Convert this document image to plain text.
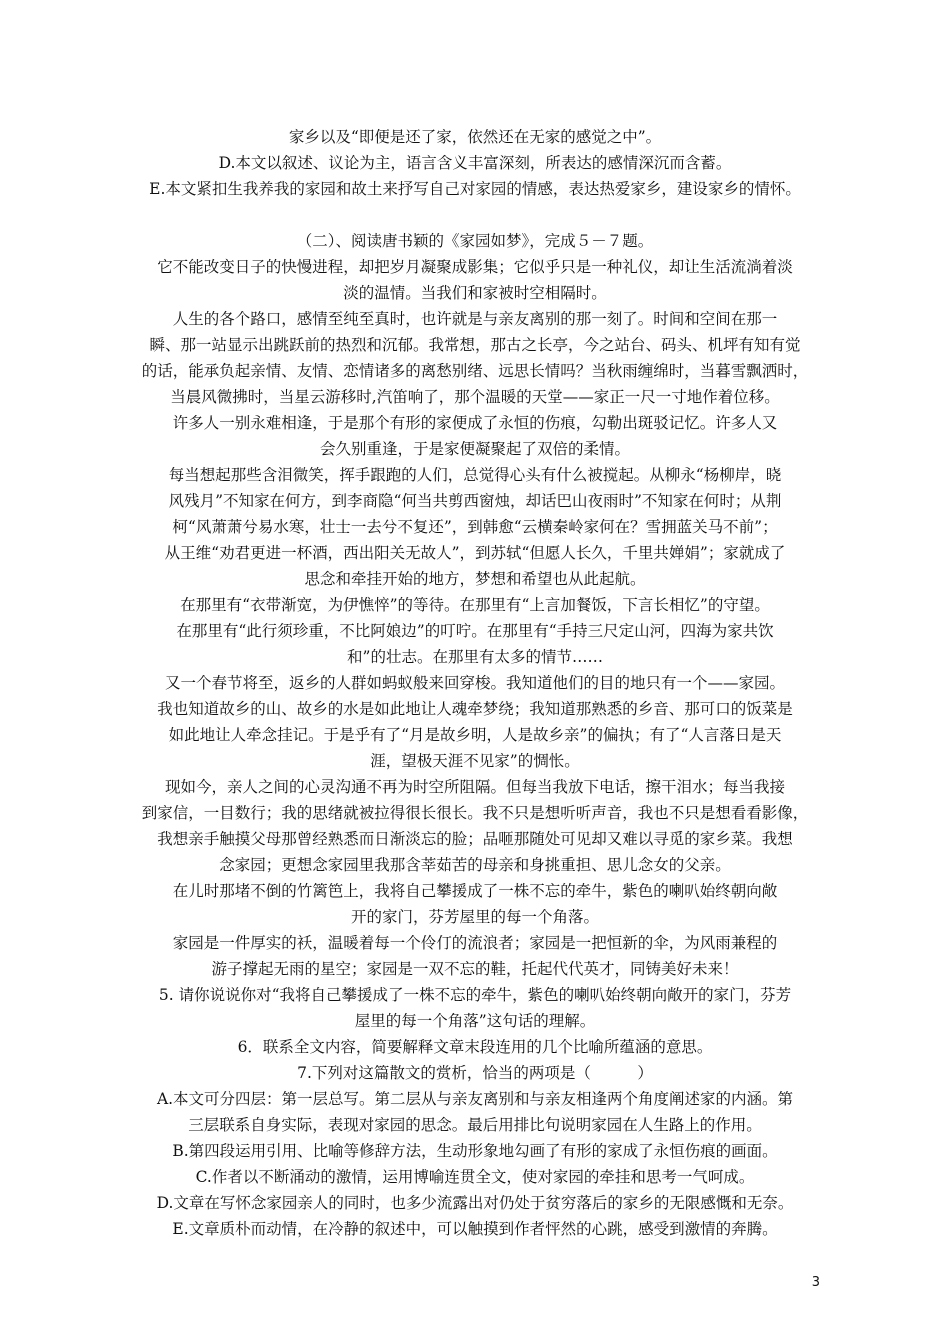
家乡以及“即便是还了家，依然还在无家的感觉之中”。
D.本文以叙述、议论为主，语言含义丰富深刻，所表达的感情深沉而含蓄。
E.本文紧扣生我养我的家园和故土来抒写自己对家园的情感，表达热爱家乡，建设家乡的情怀。
（二）、阅读唐书颖的《家园如梦》，完成５－７题。
它不能改变日子的快慢进程，却把岁月凝聚成影集；它似乎只是一种礼仪，却让生活流淌着淡
淡的温情。当我们和家被时空相隔时。
人生的各个路口，感情至纯至真时，也许就是与亲友离别的那一刻了。时间和空间在那一
瞬、那一站显示出跳跃前的热烈和沉郁。我常想，那古之长亭，今之站台、码头、机坪有知有觉
的话，能承负起亲情、友情、恋情诸多的离愁别绪、远思长情吗？当秋雨缠绵时，当暮雪飘洒时，
当晨风微拂时，当星云游移时,汽笛响了，那个温暖的天堂——家正一尺一寸地作着位移。
许多人一别永难相逢，于是那个有形的家便成了永恒的伤痕，勾勒出斑驳记忆。许多人又
会久别重逢，于是家便凝聚起了双倍的柔情。
每当想起那些含泪微笑，挥手跟跑的人们，总觉得心头有什么被搅起。从柳永“杨柳岸，晓
风残月”不知家在何方，到李商隐“何当共剪西窗烛，却话巴山夜雨时”不知家在何时；从荆
柯“风萧萧兮易水寒，壮士一去兮不复还”，到韩愈“云横秦岭家何在？雪拥蓝关马不前”；
从王维“劝君更进一杯酒，西出阳关无故人”，到苏轼“但愿人长久，千里共婵娟”；家就成了
思念和牵挂开始的地方，梦想和希望也从此起航。
在那里有“衣带渐宽，为伊憔悴”的等待。在那里有“上言加餐饭，下言长相忆”的守望。
在那里有“此行须珍重，不比阿娘边”的叮咛。在那里有“手持三尺定山河，四海为家共饮
和”的壮志。在那里有太多的情节……
又一个春节将至，返乡的人群如蚂蚁般来回穿梭。我知道他们的目的地只有一个——家园。
我也知道故乡的山、故乡的水是如此地让人魂牵梦绕；我知道那熟悉的乡音、那可口的饭菜是
如此地让人牵念挂记。于是乎有了“月是故乡明，人是故乡亲”的偏执；有了“人言落日是天
涯，望极天涯不见家”的惆怅。
现如今，亲人之间的心灵沟通不再为时空所阻隔。但每当我放下电话，擦干泪水；每当我接
到家信，一目数行；我的思绪就被拉得很长很长。我不只是想听听声音，我也不只是想看看影像，
我想亲手触摸父母那曾经熟悉而日渐淡忘的脸；品咂那随处可见却又难以寻觅的家乡菜。我想
念家园；更想念家园里我那含莘茹苦的母亲和身挑重担、思儿念女的父亲。
在儿时那堵不倒的竹篱笆上，我将自己攀援成了一株不忘的牵牛，紫色的喇叭始终朝向敞
开的家门，芬芳屋里的每一个角落。
家园是一件厚实的袄，温暖着每一个伶仃的流浪者；家园是一把恒新的伞，为风雨兼程的
游子撑起无雨的星空；家园是一双不忘的鞋，托起代代英才，同铸美好未来！
5. 请你说说你对“我将自己攀援成了一株不忘的牵牛，紫色的喇叭始终朝向敞开的家门，芬芳
屋里的每一个角落”这句话的理解。
6．联系全文内容，简要解释文章末段连用的几个比喻所蕴涵的意思。
7.下列对这篇散文的赏析，恰当的两项是（　　　）
A.本文可分四层：第一层总写。第二层从与亲友离别和与亲友相逢两个角度阐述家的内涵。第
三层联系自身实际，表现对家园的思念。最后用排比句说明家园在人生路上的作用。
B.第四段运用引用、比喻等修辞方法，生动形象地勾画了有形的家成了永恒伤痕的画面。
C.作者以不断涌动的激情，运用博喻连贯全文，使对家园的牵挂和思考一气呵成。
D.文章在写怀念家园亲人的同时，也多少流露出对仍处于贫穷落后的家乡的无限感慨和无奈。
E.文章质朴而动情，在冷静的叙述中，可以触摸到作者怦然的心跳，感受到激情的奔腾。
3
